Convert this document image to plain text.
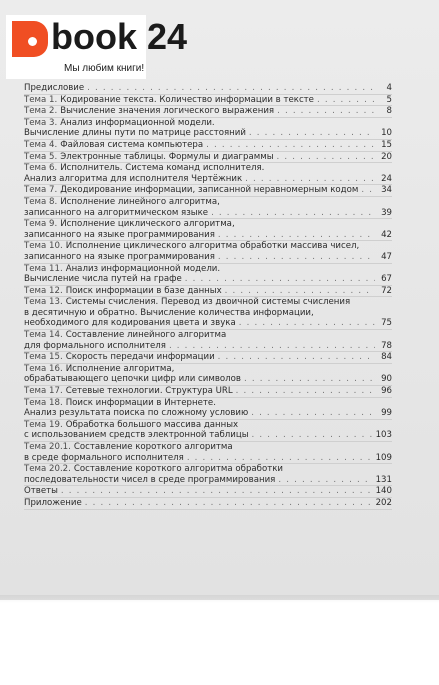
book 24
Мы любим книги!
Предисловие . . .	4
Тема 1. Кодирование текста. Количество информации в тексте . . .	5
Тема 2. Вычисление значения логического выражения . . .	8
Тема 3. Анализ информационной модели.
Вычисление длины пути по матрице расстояний . . .	10
Тема 4. Файловая система компьютера . . .	15
Тема 5. Электронные таблицы. Формулы и диаграммы . . .	20
Тема 6. Исполнитель. Система команд исполнителя.
Анализ алгоритма для исполнителя Чертёжник . . .	24
Тема 7. Декодирование информации, записанной неравномерным кодом . . .	34
Тема 8. Исполнение линейного алгоритма,
записанного на алгоритмическом языке . . .	39
Тема 9. Исполнение циклического алгоритма,
записанного на языке программирования . . .	42
Тема 10. Исполнение циклического алгоритма обработки массива чисел,
записанного на языке программирования . . .	47
Тема 11. Анализ информационной модели.
Вычисление числа путей на графе . . .	67
Тема 12. Поиск информации в базе данных . . .	72
Тема 13. Системы счисления. Перевод из двоичной системы счисления
в десятичную и обратно. Вычисление количества информации,
необходимого для кодирования цвета и звука . . .	75
Тема 14. Составление линейного алгоритма
для формального исполнителя . . .	78
Тема 15. Скорость передачи информации . . .	84
Тема 16. Исполнение алгоритма,
обрабатывающего цепочки цифр или символов . . .	90
Тема 17. Сетевые технологии. Структура URL . . .	96
Тема 18. Поиск информации в Интернете.
Анализ результата поиска по сложному условию . . .	99
Тема 19. Обработка большого массива данных
с использованием средств электронной таблицы . . .	103
Тема 20.1. Составление короткого алгоритма
в среде формального исполнителя . . .	109
Тема 20.2. Составление короткого алгоритма обработки
последовательности чисел в среде программирования . . .	131
Ответы . . .	140
Приложение . . .	202
